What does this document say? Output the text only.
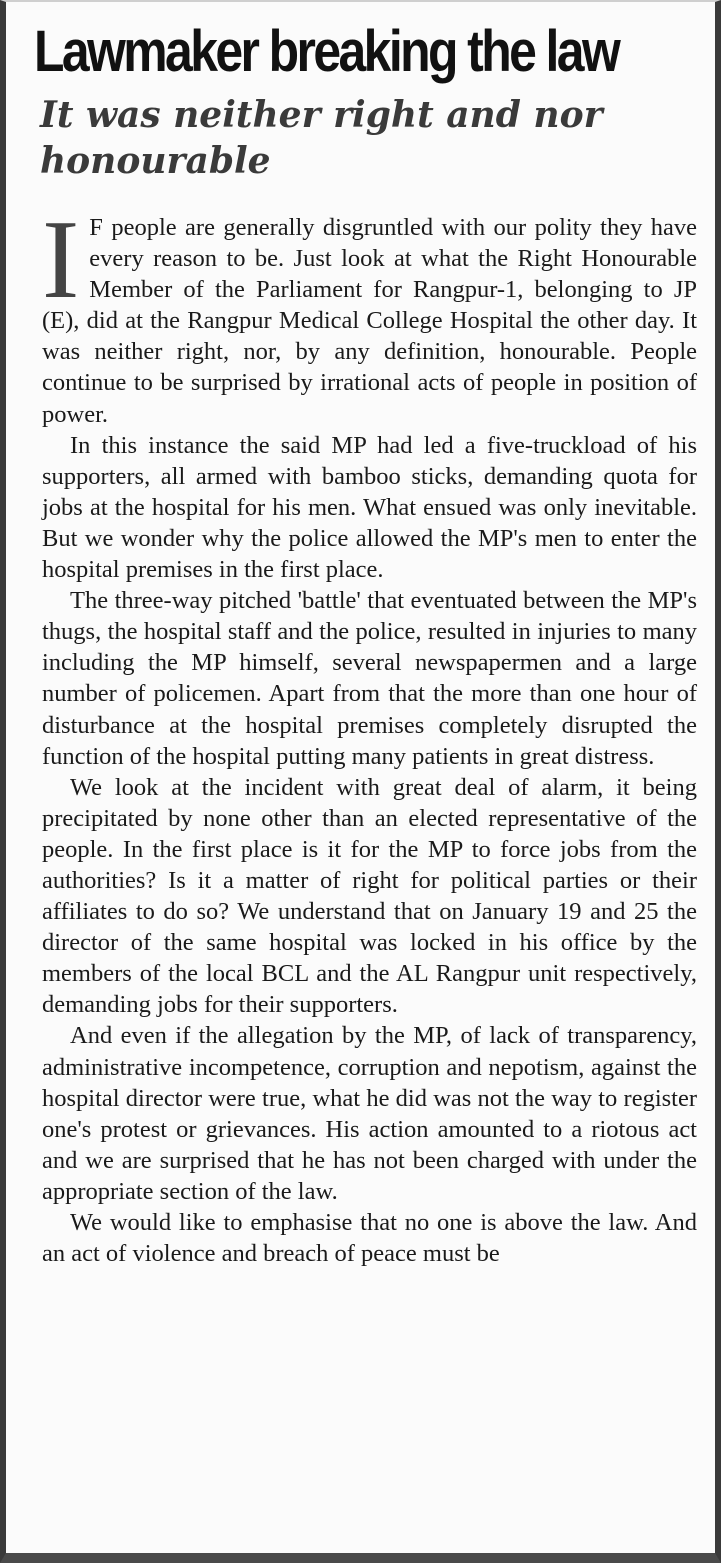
Lawmaker breaking the law
It was neither right and nor honourable

I F people are generally disgruntled with our polity they have every reason to be. Just look at what the Right Honourable Member of the Parliament for Rangpur-1, belonging to JP (E), did at the Rangpur Medical College Hospital the other day. It was neither right, nor, by any definition, honourable. People continue to be surprised by irrational acts of people in position of power.

In this instance the said MP had led a five-truckload of his supporters, all armed with bamboo sticks, demanding quota for jobs at the hospital for his men. What ensued was only inevitable. But we wonder why the police allowed the MP's men to enter the hospital premises in the first place.

The three-way pitched 'battle' that eventuated between the MP's thugs, the hospital staff and the police, resulted in injuries to many including the MP himself, several newspapermen and a large number of policemen. Apart from that the more than one hour of disturbance at the hospital premises completely disrupted the function of the hospital putting many patients in great distress.

We look at the incident with great deal of alarm, it being precipitated by none other than an elected representative of the people. In the first place is it for the MP to force jobs from the authorities? Is it a matter of right for political parties or their affiliates to do so? We understand that on January 19 and 25 the director of the same hospital was locked in his office by the members of the local BCL and the AL Rangpur unit respectively, demanding jobs for their supporters.

And even if the allegation by the MP, of lack of transparency, administrative incompetence, corruption and nepotism, against the hospital director were true, what he did was not the way to register one's protest or grievances. His action amounted to a riotous act and we are surprised that he has not been charged with under the appropriate section of the law.

We would like to emphasise that no one is above the law. And an act of violence and breach of peace must be
